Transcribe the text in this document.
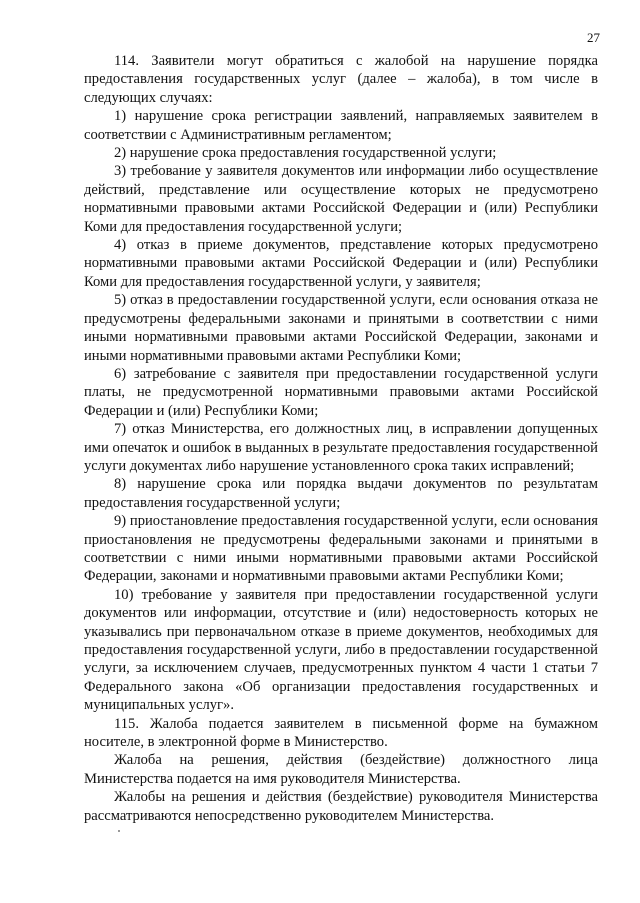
27

114. Заявители могут обратиться с жалобой на нарушение порядка предоставления государственных услуг (далее – жалоба), в том числе в следующих случаях:

1) нарушение срока регистрации заявлений, направляемых заявителем в соответствии с Административным регламентом;

2) нарушение срока предоставления государственной услуги;

3) требование у заявителя документов или информации либо осуществление действий, представление или осуществление которых не предусмотрено нормативными правовыми актами Российской Федерации и (или) Республики Коми для предоставления государственной услуги;

4) отказ в приеме документов, представление которых предусмотрено нормативными правовыми актами Российской Федерации и (или) Республики Коми для предоставления государственной услуги, у заявителя;

5) отказ в предоставлении государственной услуги, если основания отказа не предусмотрены федеральными законами и принятыми в соответствии с ними иными нормативными правовыми актами Российской Федерации, законами и иными нормативными правовыми актами Республики Коми;

6) затребование с заявителя при предоставлении государственной услуги платы, не предусмотренной нормативными правовыми актами Российской Федерации и (или) Республики Коми;

7) отказ Министерства, его должностных лиц, в исправлении допущенных ими опечаток и ошибок в выданных в результате предоставления государственной услуги документах либо нарушение установленного срока таких исправлений;

8) нарушение срока или порядка выдачи документов по результатам предоставления государственной услуги;

9) приостановление предоставления государственной услуги, если основания приостановления не предусмотрены федеральными законами и принятыми в соответствии с ними иными нормативными правовыми актами Российской Федерации, законами и нормативными правовыми актами Республики Коми;

10) требование у заявителя при предоставлении государственной услуги документов или информации, отсутствие и (или) недостоверность которых не указывались при первоначальном отказе в приеме документов, необходимых для предоставления государственной услуги, либо в предоставлении государственной услуги, за исключением случаев, предусмотренных пунктом 4 части 1 статьи 7 Федерального закона «Об организации предоставления государственных и муниципальных услуг».

115. Жалоба подается заявителем в письменной форме на бумажном носителе, в электронной форме в Министерство.

Жалоба на решения, действия (бездействие) должностного лица Министерства подается на имя руководителя Министерства.

Жалобы на решения и действия (бездействие) руководителя Министерства рассматриваются непосредственно руководителем Министерства.
